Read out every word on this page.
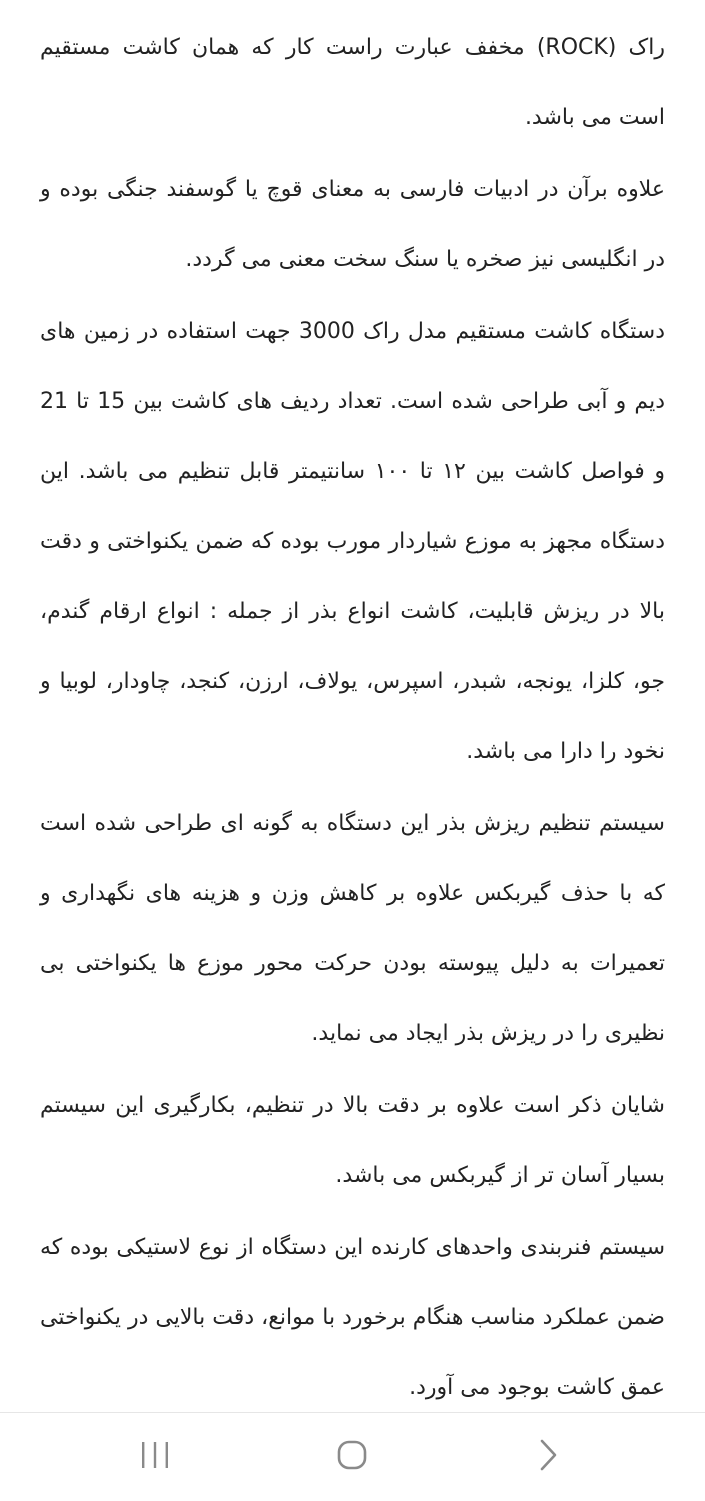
راک (ROCK) مخفف عبارت راست کار که همان کاشت مستقیم است می باشد.

علاوه برآن در ادبیات فارسی به معنای قوچ یا گوسفند جنگی بوده و در انگلیسی نیز صخره یا سنگ سخت معنی می گردد.

دستگاه کاشت مستقیم مدل راک 3000 جهت استفاده در زمین های دیم و آبی طراحی شده است. تعداد ردیف های کاشت بین 15 تا 21 و فواصل کاشت بین ۱۲ تا ۱۰۰ سانتیمتر قابل تنظیم می باشد. این دستگاه مجهز به موزع شیاردار مورب بوده که ضمن یکنواختی و دقت بالا در ریزش قابلیت، کاشت انواع بذر از جمله : انواع ارقام گندم، جو، کلزا، یونجه، شبدر، اسپرس، یولاف، ارزن، کنجد، چاودار، لوبیا و نخود را دارا می باشد.

سیستم تنظیم ریزش بذر این دستگاه به گونه ای طراحی شده است که با حذف گیربکس علاوه بر کاهش وزن و هزینه های نگهداری و تعمیرات به دلیل پیوسته بودن حرکت محور موزع ها یکنواختی بی نظیری را در ریزش بذر ایجاد می نماید.

شایان ذکر است علاوه بر دقت بالا در تنظیم، بکارگیری این سیستم بسیار آسان تر از گیربکس می باشد.

سیستم فنربندی واحدهای کارنده این دستگاه از نوع لاستیکی بوده که ضمن عملکرد مناسب هنگام برخورد با موانع، دقت بالایی در یکنواختی عمق کاشت بوجود می آورد.
